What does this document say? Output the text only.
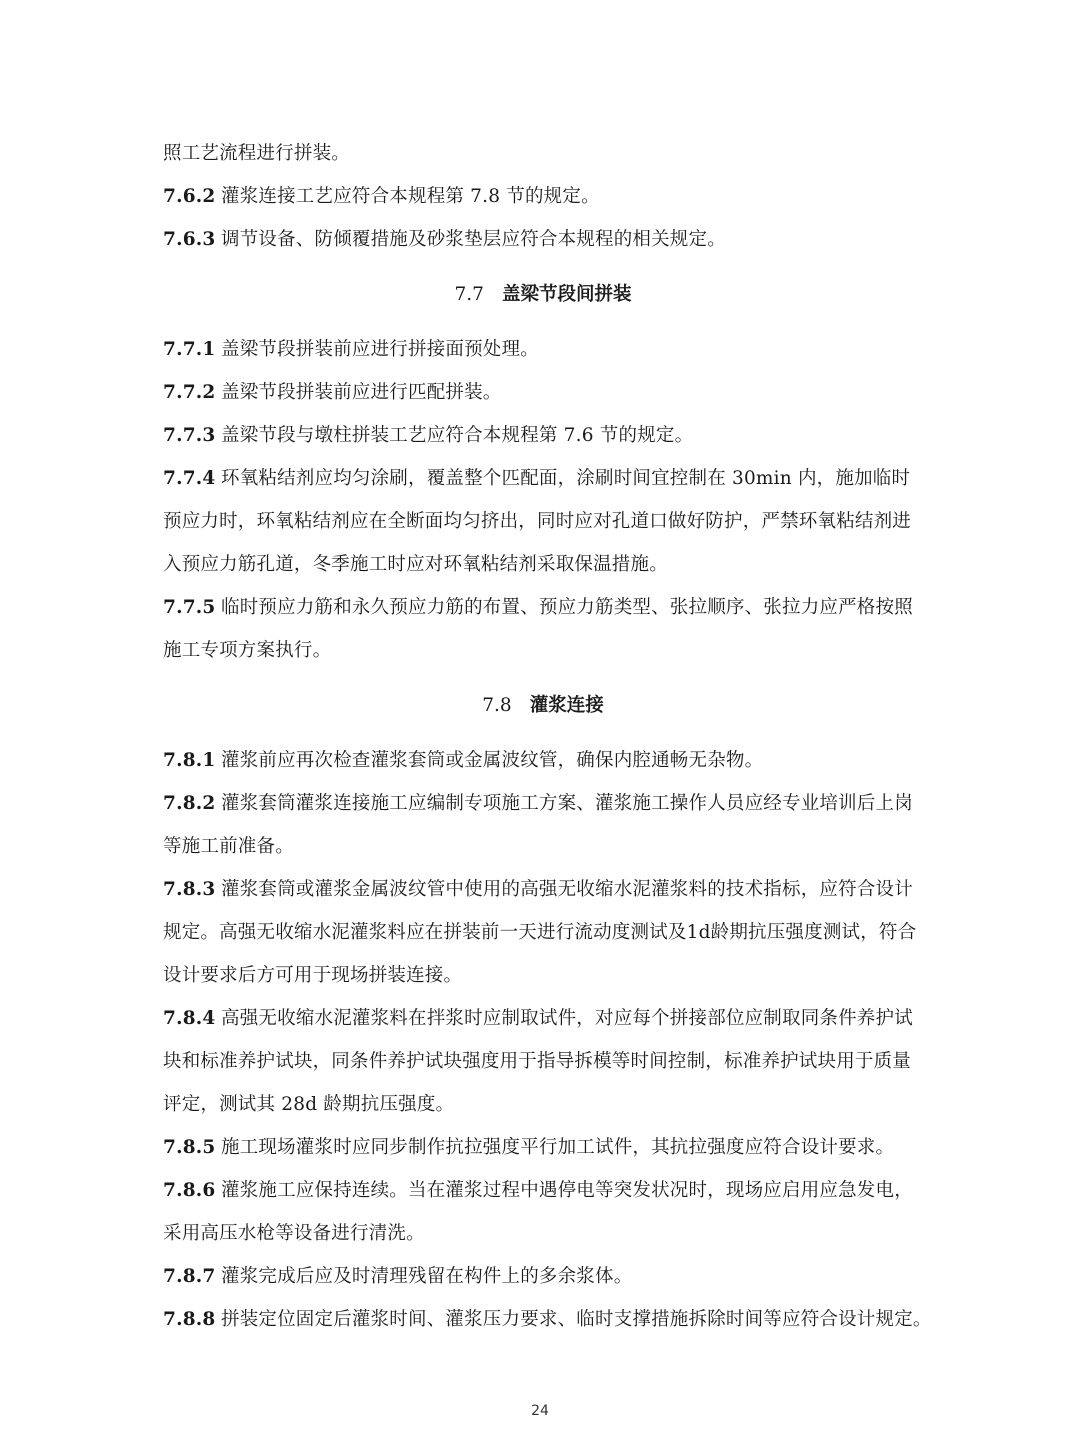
照工艺流程进行拼装。
7.6.2 灌浆连接工艺应符合本规程第 7.8 节的规定。
7.6.3 调节设备、防倾覆措施及砂浆垫层应符合本规程的相关规定。
7.7 盖梁节段间拼装
7.7.1 盖梁节段拼装前应进行拼接面预处理。
7.7.2 盖梁节段拼装前应进行匹配拼装。
7.7.3 盖梁节段与墩柱拼装工艺应符合本规程第 7.6 节的规定。
7.7.4 环氧粘结剂应均匀涂刷，覆盖整个匹配面，涂刷时间宜控制在 30min 内，施加临时
预应力时，环氧粘结剂应在全断面均匀挤出，同时应对孔道口做好防护，严禁环氧粘结剂进
入预应力筋孔道，冬季施工时应对环氧粘结剂采取保温措施。
7.7.5 临时预应力筋和永久预应力筋的布置、预应力筋类型、张拉顺序、张拉力应严格按照
施工专项方案执行。
7.8 灌浆连接
7.8.1 灌浆前应再次检查灌浆套筒或金属波纹管，确保内腔通畅无杂物。
7.8.2 灌浆套筒灌浆连接施工应编制专项施工方案、灌浆施工操作人员应经专业培训后上岗
等施工前准备。
7.8.3 灌浆套筒或灌浆金属波纹管中使用的高强无收缩水泥灌浆料的技术指标，应符合设计
规定。高强无收缩水泥灌浆料应在拼装前一天进行流动度测试及1d龄期抗压强度测试，符合
设计要求后方可用于现场拼装连接。
7.8.4 高强无收缩水泥灌浆料在拌浆时应制取试件，对应每个拼接部位应制取同条件养护试
块和标准养护试块，同条件养护试块强度用于指导拆模等时间控制，标准养护试块用于质量
评定，测试其 28d 龄期抗压强度。
7.8.5 施工现场灌浆时应同步制作抗拉强度平行加工试件，其抗拉强度应符合设计要求。
7.8.6 灌浆施工应保持连续。当在灌浆过程中遇停电等突发状况时，现场应启用应急发电，
采用高压水枪等设备进行清洗。
7.8.7 灌浆完成后应及时清理残留在构件上的多余浆体。
7.8.8 拼装定位固定后灌浆时间、灌浆压力要求、临时支撑措施拆除时间等应符合设计规定。
24
